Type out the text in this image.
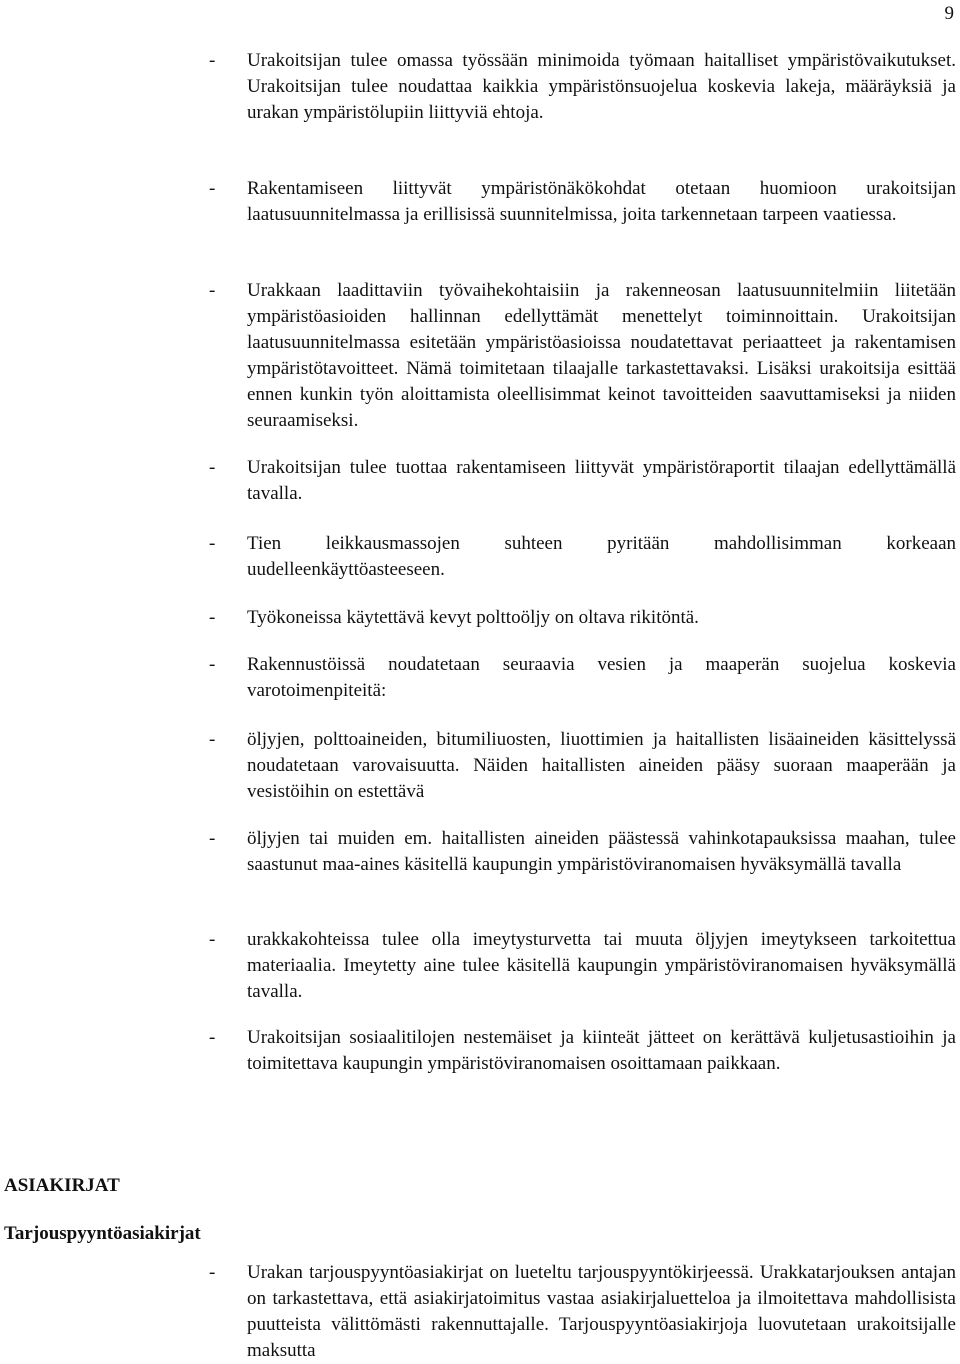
9
- Urakoitsijan tulee omassa työssään minimoida työmaan haitalliset ympäristövaikutukset. Urakoitsijan tulee noudattaa kaikkia ympäristönsuojelua koskevia lakeja, määräyksiä ja urakan ympäristölupiin liittyviä ehtoja.
- Rakentamiseen liittyvät ympäristönäkökohdat otetaan huomioon urakoitsijan laatusuunnitelmassa ja erillisissä suunnitelmissa, joita tarkennetaan tarpeen vaatiessa.
- Urakkaan laadittaviin työvaihekohtaisiin ja rakenneosan laatusuunnitelmiin liitetään ympäristöasioiden hallinnan edellyttämät menettelyt toiminnoittain. Urakoitsijan laatusuunnitelmassa esitetään ympäristöasioissa noudatettavat periaatteet ja rakentamisen ympäristötavoitteet. Nämä toimitetaan tilaajalle tarkastettavaksi. Lisäksi urakoitsija esittää ennen kunkin työn aloittamista oleellisimmat keinot tavoitteiden saavuttamiseksi ja niiden seuraamiseksi.
- Urakoitsijan tulee tuottaa rakentamiseen liittyvät ympäristöraportit tilaajan edellyttämällä tavalla.
- Tien leikkausmassojen suhteen pyritään mahdollisimman korkeaan uudelleenkäyttöasteeseen.
- Työkoneissa käytettävä kevyt polttoöljy on oltava rikitöntä.
- Rakennustöissä noudatetaan seuraavia vesien ja maaperän suojelua koskevia varotoimenpiteitä:
- öljyjen, polttoaineiden, bitumiliuosten, liuottimien ja haitallisten lisäaineiden käsittelyssä noudatetaan varovaisuutta. Näiden haitallisten aineiden pääsy suoraan maaperään ja vesistöihin on estettävä
- öljyjen tai muiden em. haitallisten aineiden päästessä vahinkotapauksissa maahan, tulee saastunut maa-aines käsitellä kaupungin ympäristöviranomaisen hyväksymällä tavalla
- urakkakohteissa tulee olla imeytysturvetta tai muuta öljyjen imeytykseen tarkoitettua materiaalia. Imeytetty aine tulee käsitellä kaupungin ympäristöviranomaisen hyväksymällä tavalla.
- Urakoitsijan sosiaalitilojen nestemäiset ja kiinteät jätteet on kerättävä kuljetusastioihin ja toimitettava kaupungin ympäristöviranomaisen osoittamaan paikkaan.
ASIAKIRJAT
Tarjouspyyntöasiakirjat
- Urakan tarjouspyyntöasiakirjat on lueteltu tarjouspyyntökirjeessä. Urakkatarjouksen antajan on tarkastettava, että asiakirjatoimitus vastaa asiakirjaluetteloa ja ilmoitettava mahdollisista puutteista välittömästi rakennuttajalle. Tarjouspyyntöasiakirjoja luovutetaan urakoitsijalle maksutta
